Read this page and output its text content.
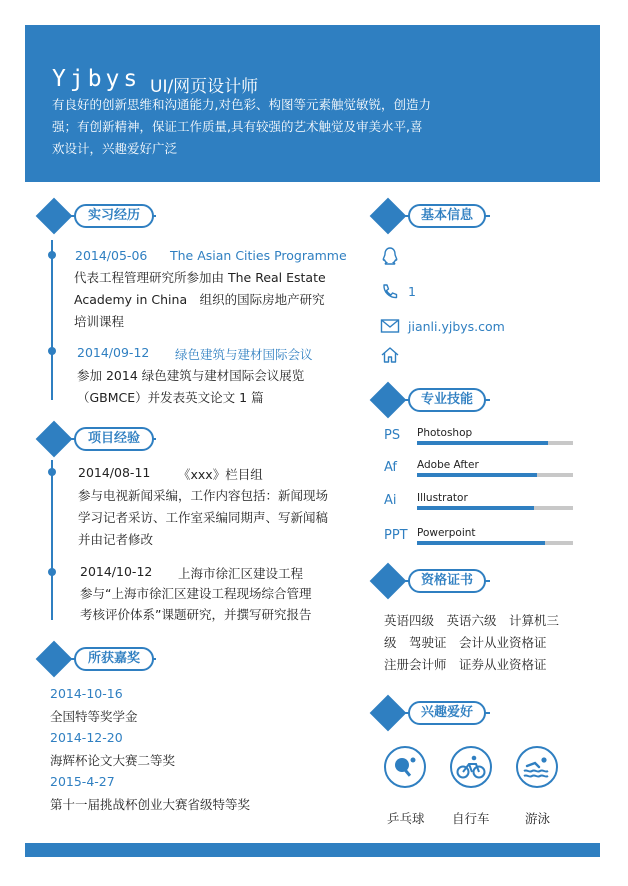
Yjbys UI/网页设计师
有良好的创新思维和沟通能力,对色彩、构图等元素触觉敏锐，创造力强；有创新精神，保证工作质量,具有较强的艺术触觉及审美水平,喜欢设计，兴趣爱好广泛
实习经历
2014/05-06 The Asian Cities Programme
代表工程管理研究所参加由 The Real Estate
Academy in China　组织的国际房地产研究
培训课程
2014/09-12 绿色建筑与建材国际会议
参加 2014 绿色建筑与建材国际会议展览
（GBMCE）并发表英文论文 1 篇
项目经验
2014/08-11 《xxx》栏目组
参与电视新闻采编，工作内容包括：新闻现场
学习记者采访、工作室采编同期声、写新闻稿
并由记者修改
2014/10-12 上海市徐汇区建设工程
参与“上海市徐汇区建设工程现场综合管理
考核评价体系”课题研究，并撰写研究报告
所获嘉奖
2014-10-16
全国特等奖学金
2014-12-20
海辉杯论文大赛二等奖
2015-4-27
第十一届挑战杯创业大赛省级特等奖
基本信息
1
jianli.yjbys.com
专业技能
PS Photoshop
Af Adobe After
Ai Illustrator
PPT Powerpoint
资格证书
英语四级　英语六级　计算机三
级　驾驶证　会计从业资格证
注册会计师　证券从业资格证
兴趣爱好
乒乓球 自行车	游泳
